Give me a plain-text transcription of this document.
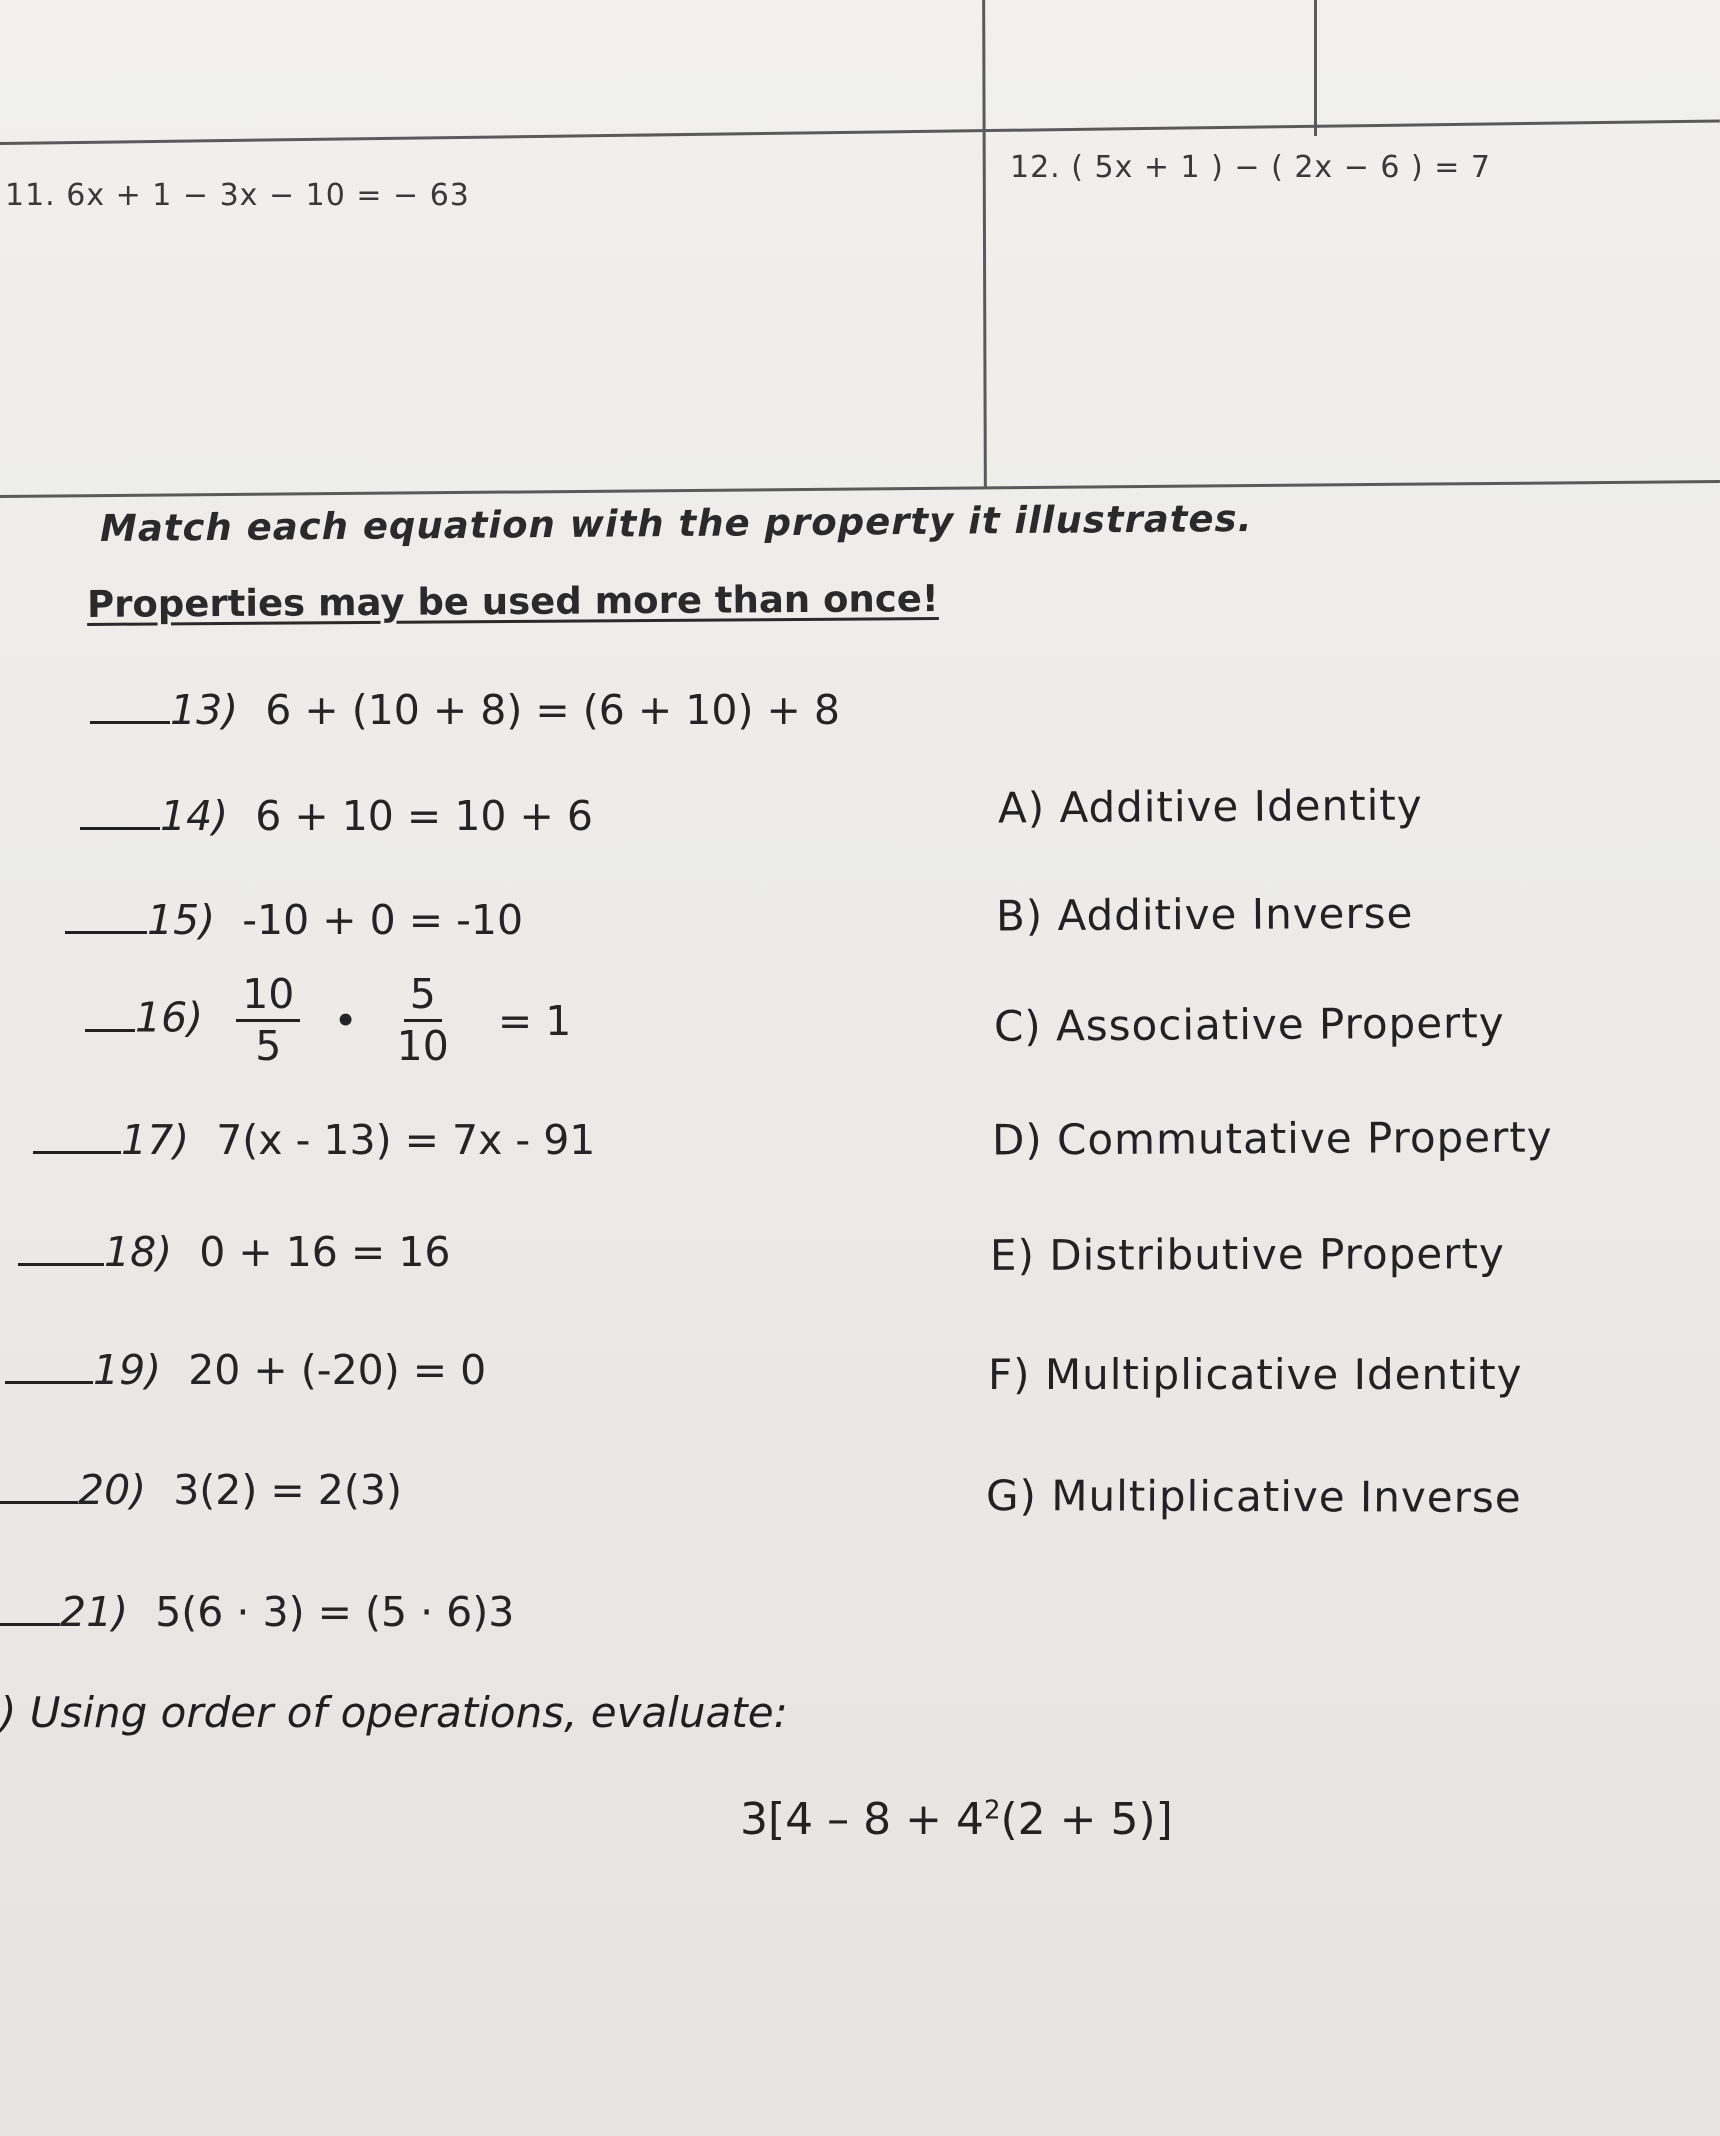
11. 6x + 1 − 3x − 10 = − 63
12. ( 5x + 1 ) − ( 2x − 6 ) = 7
Match each equation with the property it illustrates.
Properties may be used more than once!
13) 6 + (10 + 8) = (6 + 10) + 8
14) 6 + 10 = 10 + 6
15) -10 + 0 = -10
$16) \frac{10}{5}$ • $\frac{5}{10} = 1$
17) 7(x - 13) = 7x - 91
18) 0 + 16 = 16
19) 20 + (-20) = 0
20) 3(2) = 2(3)
21) 5(6 · 3) = (5 · 6)3
A) Additive Identity
B) Additive Inverse
C) Associative Property
D) Commutative Property
E) Distributive Property
F) Multiplicative Identity
G) Multiplicative Inverse
) Using order of operations, evaluate:
$3[4 - 8 + 4^2(2 + 5)]$
